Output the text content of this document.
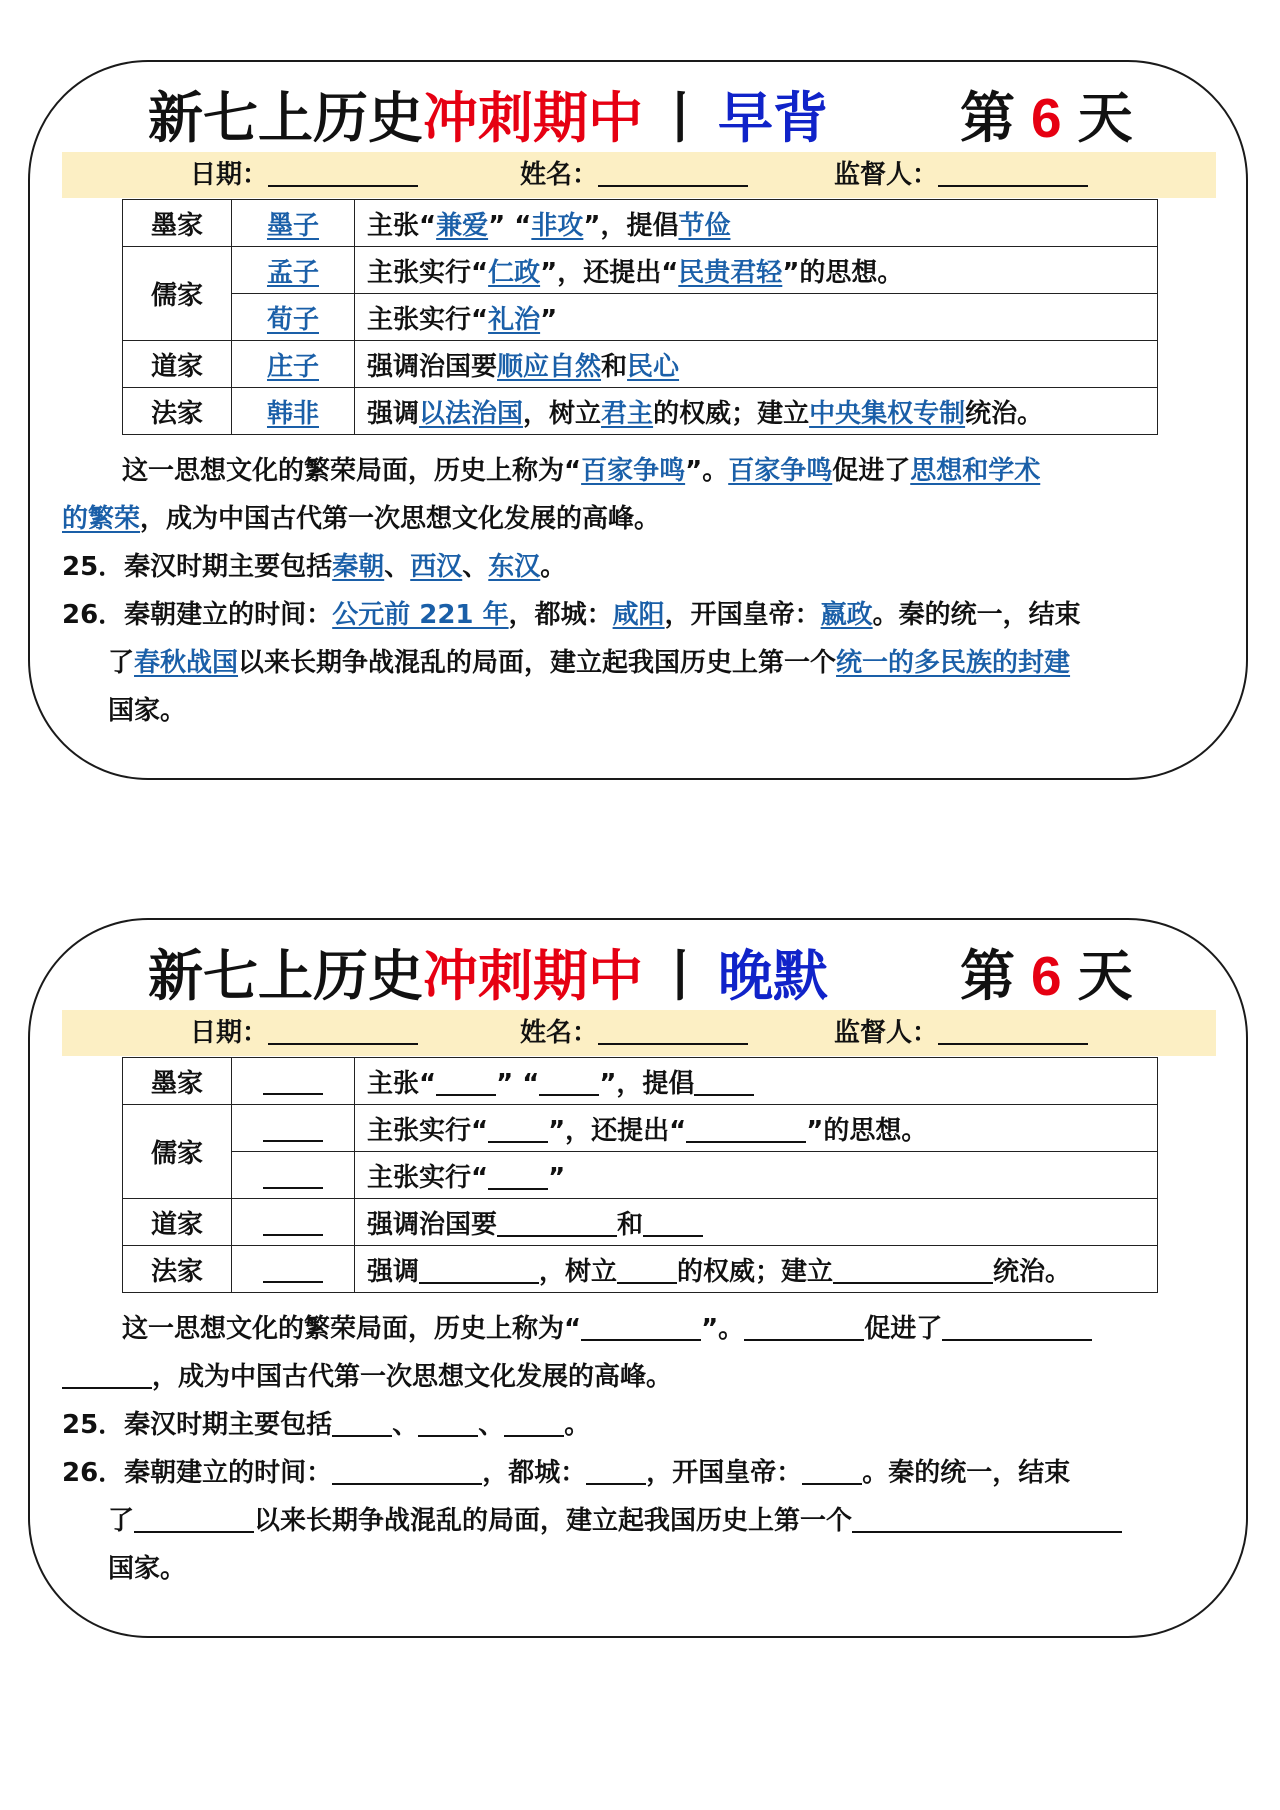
新七上历史冲刺期中 丨 早背 第 6 天
日期：	姓名：	监督人：
墨家	墨子	主张“兼爱” “非攻”，提倡节俭
儒家	孟子	主张实行“仁政”，还提出“民贵君轻”的思想。
	荀子	主张实行“礼治”
道家	庄子	强调治国要顺应自然和民心
法家	韩非	强调以法治国，树立君主的权威；建立中央集权专制统治。
这一思想文化的繁荣局面，历史上称为“百家争鸣”。百家争鸣促进了思想和学术
的繁荣，成为中国古代第一次思想文化发展的高峰。
25．秦汉时期主要包括秦朝、西汉、东汉。
26．秦朝建立的时间：公元前 221 年，都城：咸阳，开国皇帝：嬴政。秦的统一，结束
了春秋战国以来长期争战混乱的局面，建立起我国历史上第一个统一的多民族的封建
国家。
新七上历史冲刺期中 丨 晚默 第 6 天
日期：	姓名：	监督人：
墨家		主张“ ” “ ”，提倡
儒家		主张实行“ ”，还提出“ ”的思想。
		主张实行“ ”
道家		强调治国要 和
法家		强调 ，树立 的权威；建立 统治。
这一思想文化的繁荣局面，历史上称为“	”。	促进了
，成为中国古代第一次思想文化发展的高峰。
25．秦汉时期主要包括 、 、 。
26．秦朝建立的时间：	，都城： ，开国皇帝： 。秦的统一，结束
了	以来长期争战混乱的局面，建立起我国历史上第一个
国家。
